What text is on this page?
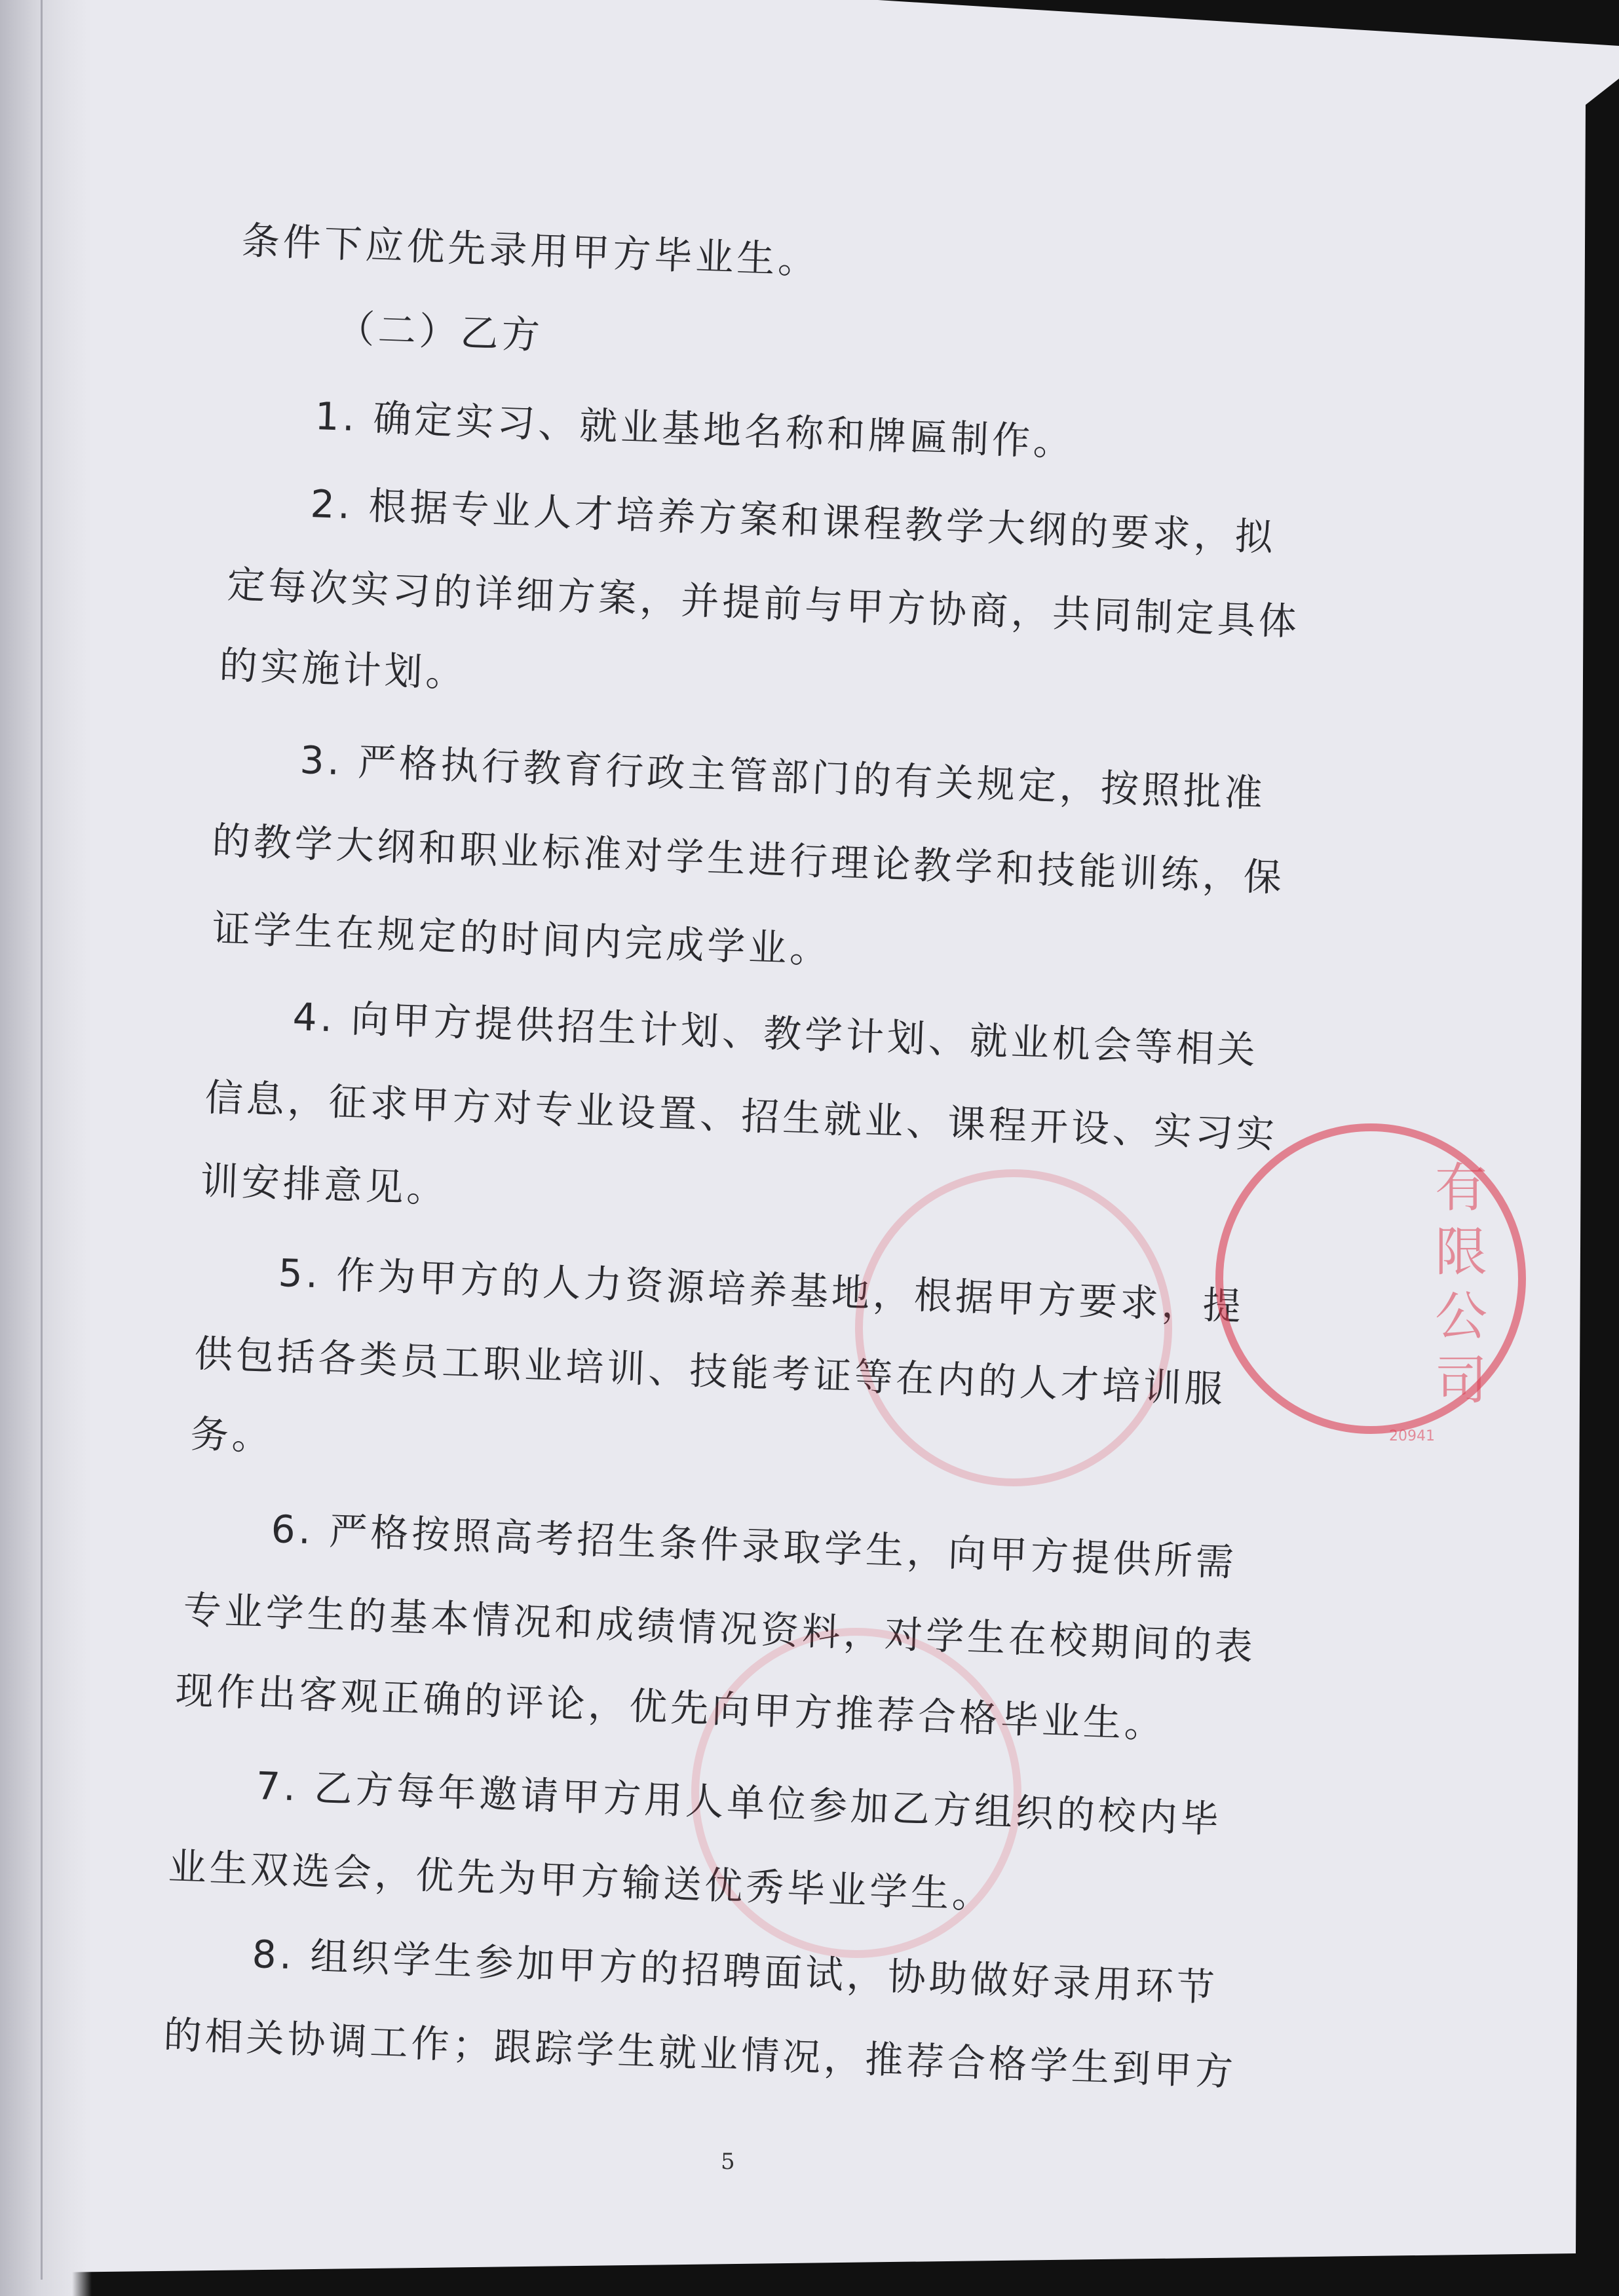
条件下应优先录用甲方毕业生。
（二）乙方
1. 确定实习、就业基地名称和牌匾制作。
2. 根据专业人才培养方案和课程教学大纲的要求，拟
定每次实习的详细方案，并提前与甲方协商，共同制定具体
的实施计划。
3. 严格执行教育行政主管部门的有关规定，按照批准
的教学大纲和职业标准对学生进行理论教学和技能训练，保
证学生在规定的时间内完成学业。
4. 向甲方提供招生计划、教学计划、就业机会等相关
信息，征求甲方对专业设置、招生就业、课程开设、实习实
训安排意见。
5. 作为甲方的人力资源培养基地，根据甲方要求，提
供包括各类员工职业培训、技能考证等在内的人才培训服
务。
6. 严格按照高考招生条件录取学生，向甲方提供所需
专业学生的基本情况和成绩情况资料，对学生在校期间的表
现作出客观正确的评论，优先向甲方推荐合格毕业生。
7. 乙方每年邀请甲方用人单位参加乙方组织的校内毕
业生双选会，优先为甲方输送优秀毕业学生。
8. 组织学生参加甲方的招聘面试，协助做好录用环节
的相关协调工作；跟踪学生就业情况，推荐合格学生到甲方
5
有限公司
20941
